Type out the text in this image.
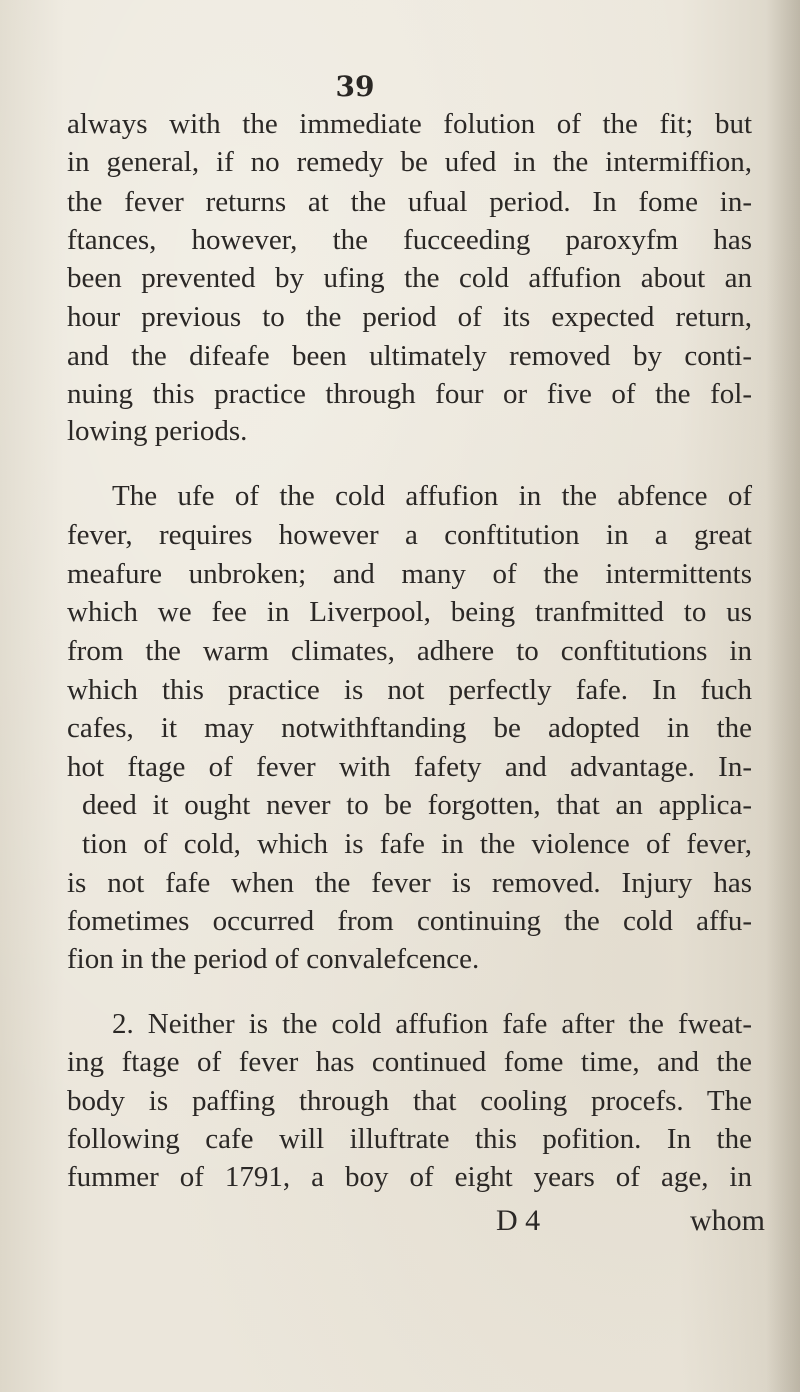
39
always with the immediate folution of the fit; but
in general, if no remedy be ufed in the intermiffion,
the fever returns at the ufual period. In fome in-
ftances, however, the fucceeding paroxyfm has
been prevented by ufing the cold affufion about an
hour previous to the period of its expected return,
and the difeafe been ultimately removed by conti-
nuing this practice through four or five of the fol-
lowing periods.
The ufe of the cold affufion in the abfence of
fever, requires however a conftitution in a great
meafure unbroken; and many of the intermittents
which we fee in Liverpool, being tranfmitted to us
from the warm climates, adhere to conftitutions in
which this practice is not perfectly fafe. In fuch
cafes, it may notwithftanding be adopted in the
hot ftage of fever with fafety and advantage. In-
deed it ought never to be forgotten, that an applica-
tion of cold, which is fafe in the violence of fever,
is not fafe when the fever is removed. Injury has
fometimes occurred from continuing the cold affu-
fion in the period of convalefcence.
2. Neither is the cold affufion fafe after the fweat-
ing ftage of fever has continued fome time, and the
body is paffing through that cooling procefs. The
following cafe will illuftrate this pofition. In the
fummer of 1791, a boy of eight years of age, in
D 4	whom
